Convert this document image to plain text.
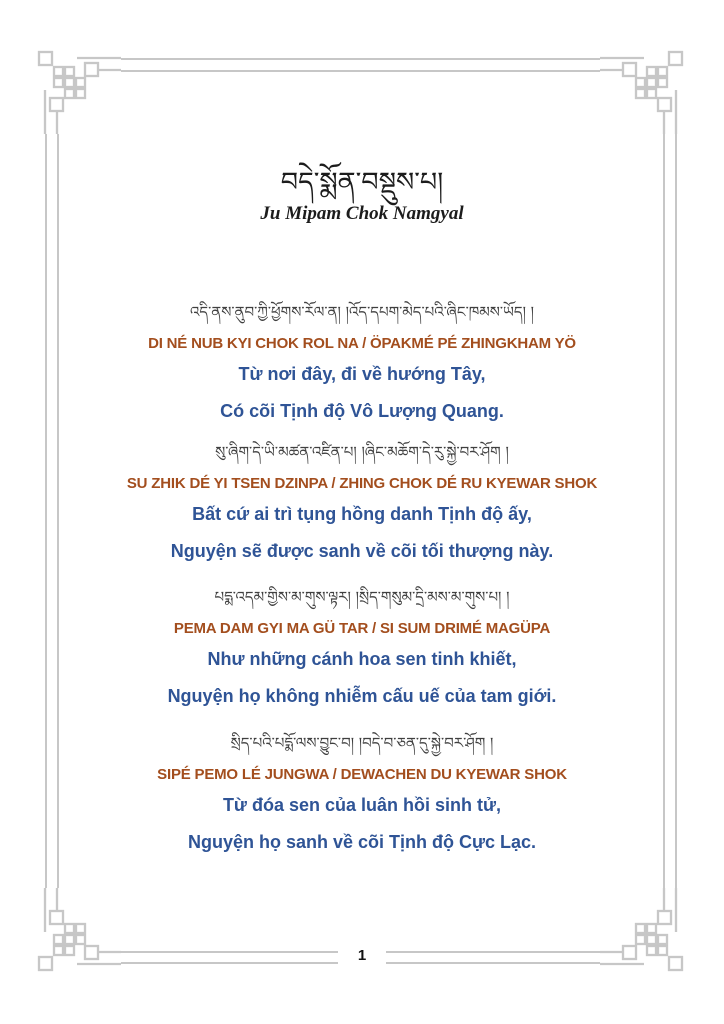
བདེ་སྨོན་བསྡུས་པ།
Ju Mipam Chok Namgyal
འདི་ནས་ནུབ་ཀྱི་ཕྱོགས་རོལ་ན། །འོད་དཔག་མེད་པའི་ཞིང་ཁམས་ཡོད། །
DI NÉ NUB KYI CHOK ROL NA / ÖPAKMÉ PÉ ZHINGKHAM YÖ
Từ nơi đây, đi về hướng Tây,
Có cõi Tịnh độ Vô Lượng Quang.
སུ་ཞིག་དེ་ཡི་མཚན་འཛིན་པ། །ཞིང་མཆོག་དེ་རུ་སྐྱེ་བར་ཤོག །
SU ZHIK DÉ YI TSEN DZINPA / ZHING CHOK DÉ RU KYEWAR SHOK
Bất cứ ai trì tụng hồng danh Tịnh độ ấy,
Nguyện sẽ được sanh về cõi tối thượng này.
པདྨ་འདམ་གྱིས་མ་གུས་ལྟར། །སྲིད་གསུམ་དྲི་མས་མ་གུས་པ། །
PEMA DAM GYI MA GÜ TAR / SI SUM DRIMÉ MAGÜPA
Như những cánh hoa sen tinh khiết,
Nguyện họ không nhiễm cấu uế của tam giới.
སྲིད་པའི་པདྨོ་ལས་བྱུང་བ། །བདེ་བ་ཅན་དུ་སྐྱེ་བར་ཤོག །
SIPÉ PEMO LÉ JUNGWA / DEWACHEN DU KYEWAR SHOK
Từ đóa sen của luân hồi sinh tử,
Nguyện họ sanh về cõi Tịnh độ Cực Lạc.
1
